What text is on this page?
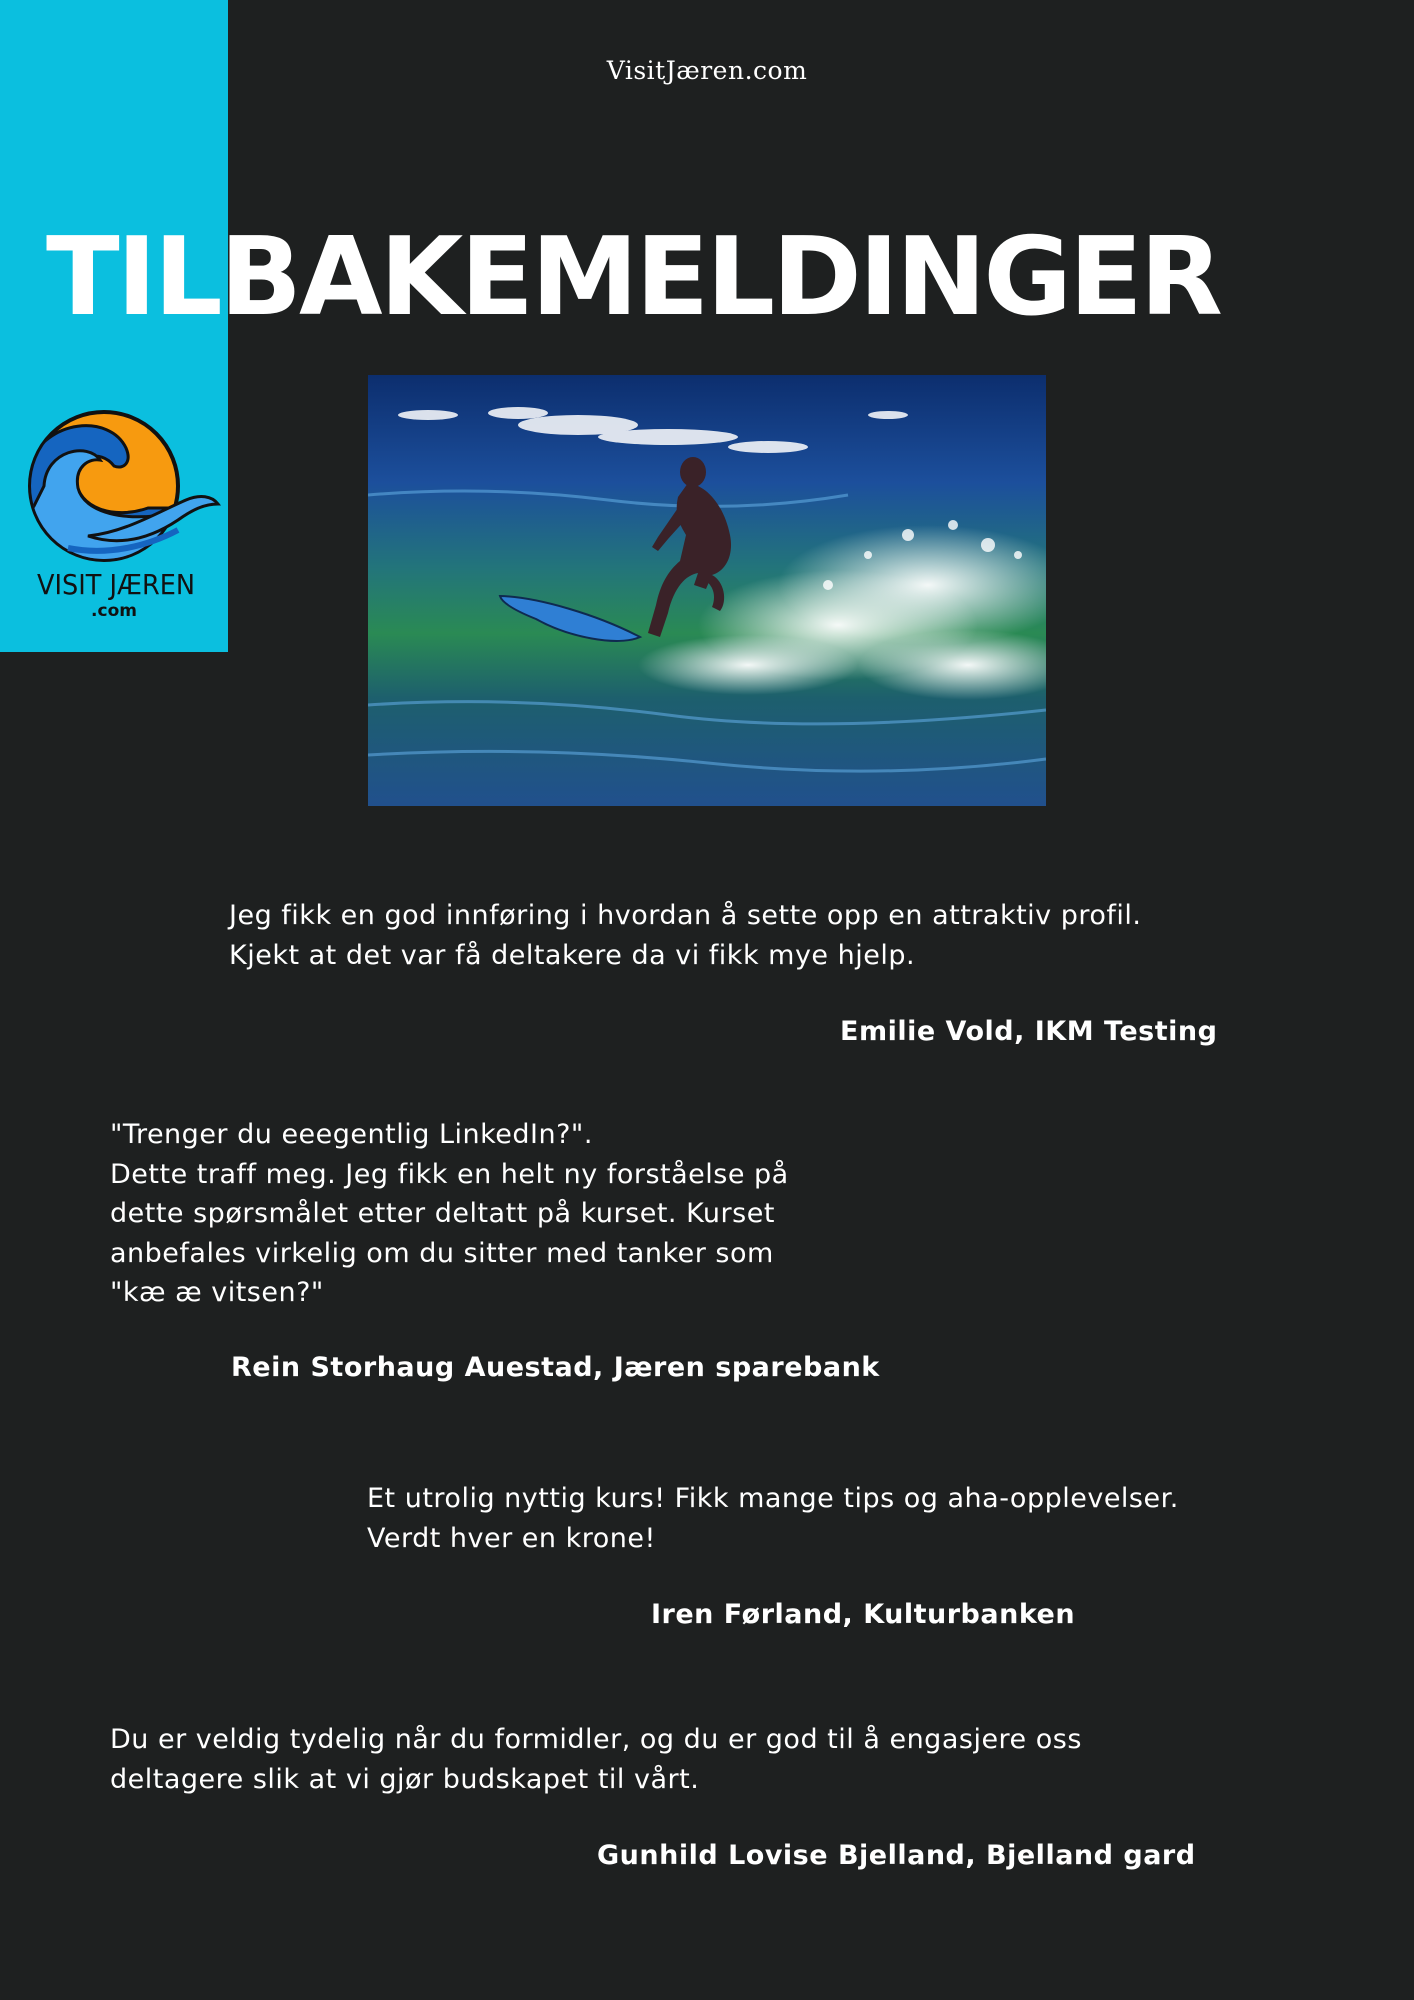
VisitJæren.com
TILBAKEMELDINGER
VISIT JÆREN
.com

Jeg fikk en god innføring i hvordan å sette opp en attraktiv profil.
Kjekt at det var få deltakere da vi fikk mye hjelp.

Emilie Vold, IKM Testing

"Trenger du eeegentlig LinkedIn?".
Dette traff meg. Jeg fikk en helt ny forståelse på
dette spørsmålet etter deltatt på kurset. Kurset
anbefales virkelig om du sitter med tanker som
"kæ æ vitsen?"

Rein Storhaug Auestad, Jæren sparebank

Et utrolig nyttig kurs! Fikk mange tips og aha-opplevelser.
Verdt hver en krone!

Iren Førland, Kulturbanken

Du er veldig tydelig når du formidler, og du er god til å engasjere oss
deltagere slik at vi gjør budskapet til vårt.

Gunhild Lovise Bjelland, Bjelland gard
